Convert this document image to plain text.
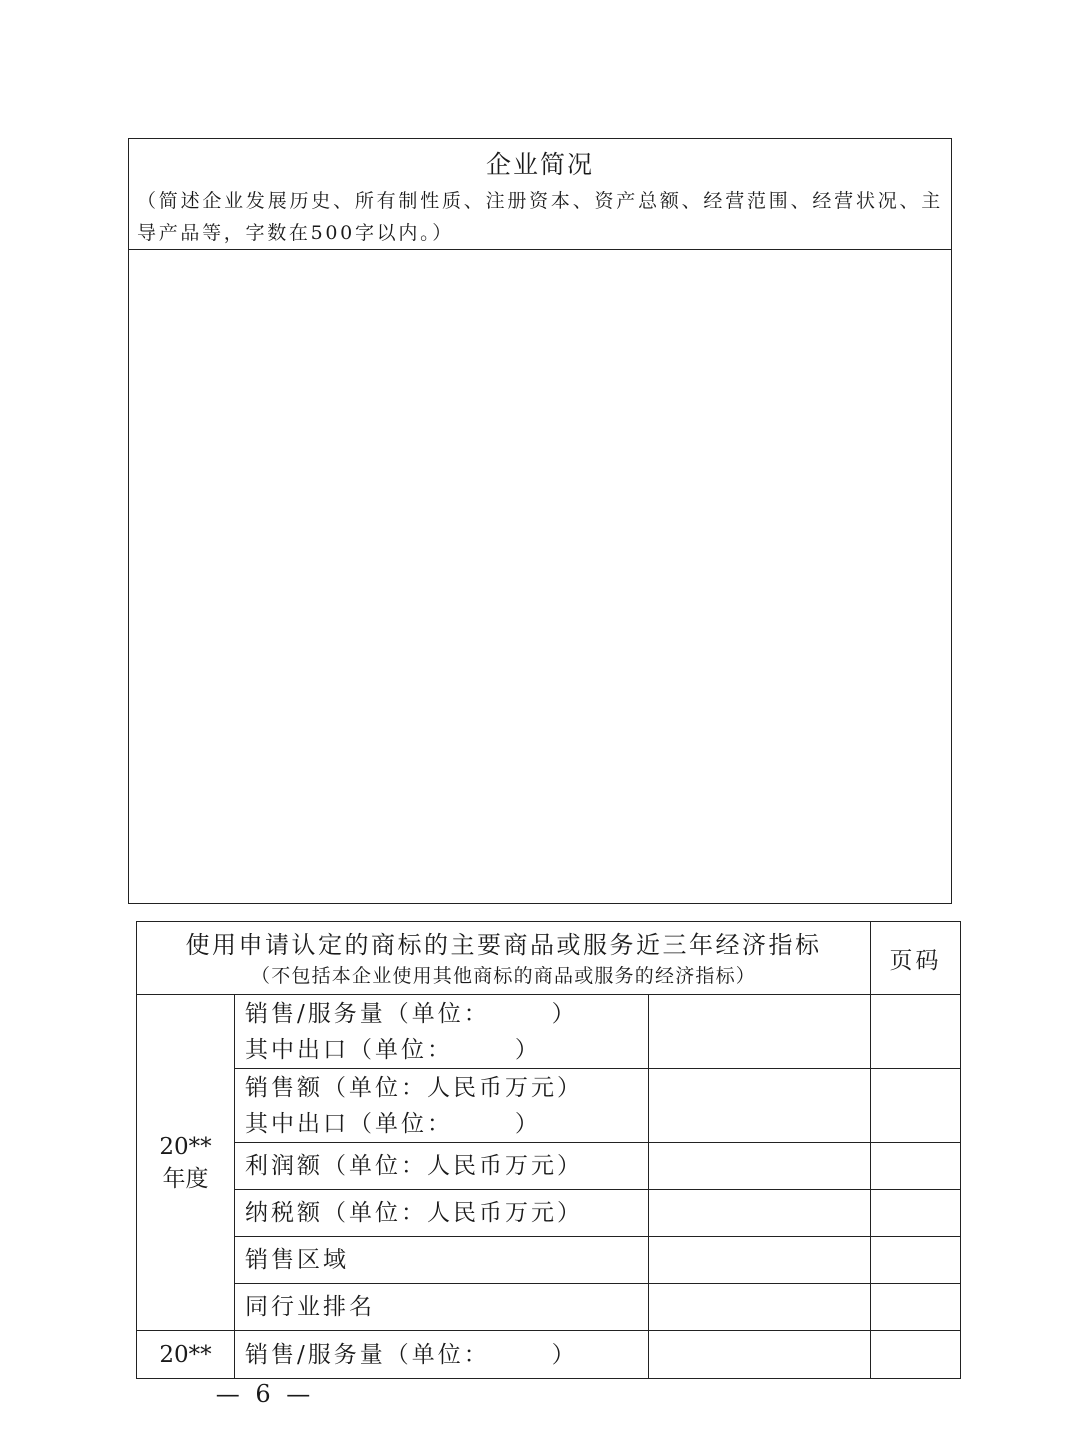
企业简况
（简述企业发展历史、所有制性质、注册资本、资产总额、经营范围、经营状况、主导产品等，字数在500字以内。）
使用申请认定的商标的主要商品或服务近三年经济指标
（不包括本企业使用其他商标的商品或服务的经济指标）			页码

20**
年度	销售/服务量（单位：      ）
其中出口（单位：      ）		

	销售额（单位：人民币万元）
其中出口（单位：      ）		

	利润额（单位：人民币万元）		

	纳税额（单位：人民币万元）		

	销售区域		

	同行业排名		

20**	销售/服务量（单位：      ）		

— 6 —
